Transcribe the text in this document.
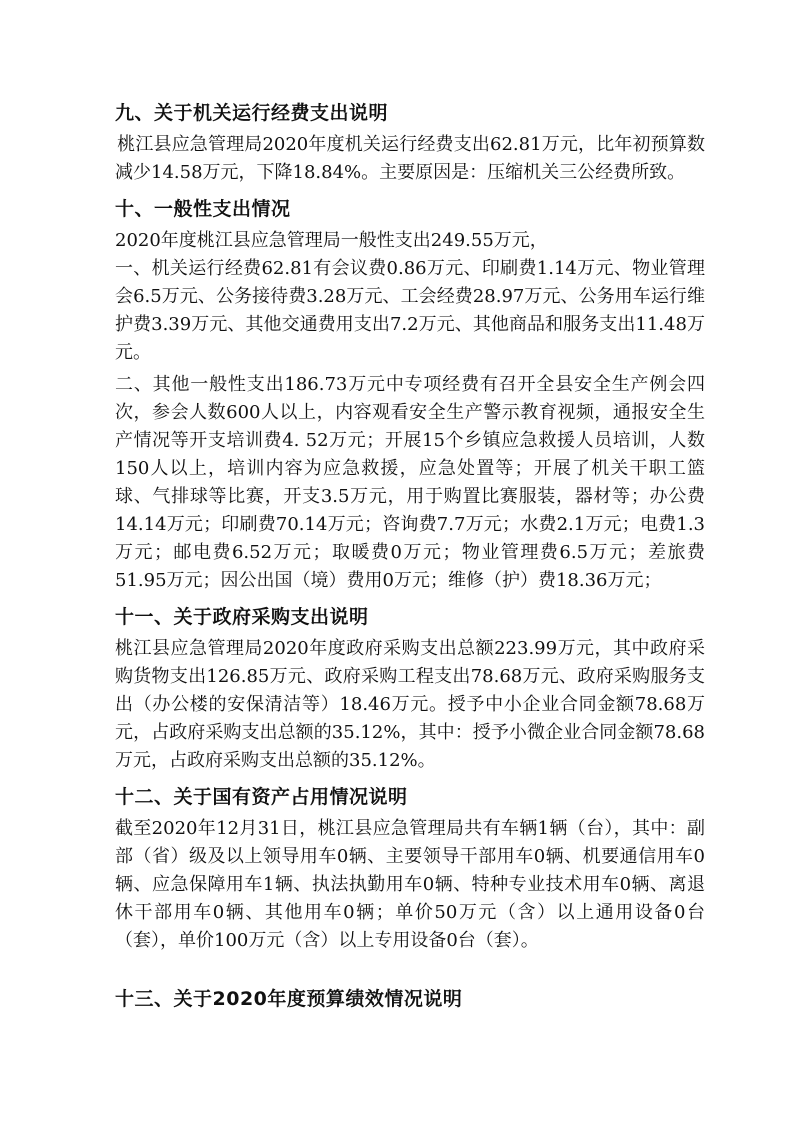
九、关于机关运行经费支出说明

桃江县应急管理局2020年度机关运行经费支出62.81万元，比年初预算数减少14.58万元，下降18.84%。主要原因是：压缩机关三公经费所致。

十、一般性支出情况

2020年度桃江县应急管理局一般性支出249.55万元，

一、机关运行经费62.81有会议费0.86万元、印刷费1.14万元、物业管理会6.5万元、公务接待费3.28万元、工会经费28.97万元、公务用车运行维护费3.39万元、其他交通费用支出7.2万元、其他商品和服务支出11.48万元。

二、其他一般性支出186.73万元中专项经费有召开全县安全生产例会四次，参会人数600人以上，内容观看安全生产警示教育视频，通报安全生产情况等开支培训费4. 52万元；开展15个乡镇应急救援人员培训，人数150人以上，培训内容为应急救援，应急处置等；开展了机关干职工篮球、气排球等比赛，开支3.5万元，用于购置比赛服装，器材等；办公费14.14万元；印刷费70.14万元；咨询费7.7万元；水费2.1万元；电费1.3万元；邮电费6.52万元；取暖费0万元；物业管理费6.5万元；差旅费51.95万元；因公出国（境）费用0万元；维修（护）费18.36万元；

十一、关于政府采购支出说明

桃江县应急管理局2020年度政府采购支出总额223.99万元，其中政府采购货物支出126.85万元、政府采购工程支出78.68万元、政府采购服务支出（办公楼的安保清洁等）18.46万元。授予中小企业合同金额78.68万元，占政府采购支出总额的35.12%，其中：授予小微企业合同金额78.68万元，占政府采购支出总额的35.12%。

十二、关于国有资产占用情况说明

截至2020年12月31日，桃江县应急管理局共有车辆1辆（台），其中：副部（省）级及以上领导用车0辆、主要领导干部用车0辆、机要通信用车0辆、应急保障用车1辆、执法执勤用车0辆、特种专业技术用车0辆、离退休干部用车0辆、其他用车0辆；单价50万元（含）以上通用设备0台（套），单价100万元（含）以上专用设备0台（套）。

十三、关于2020年度预算绩效情况说明
